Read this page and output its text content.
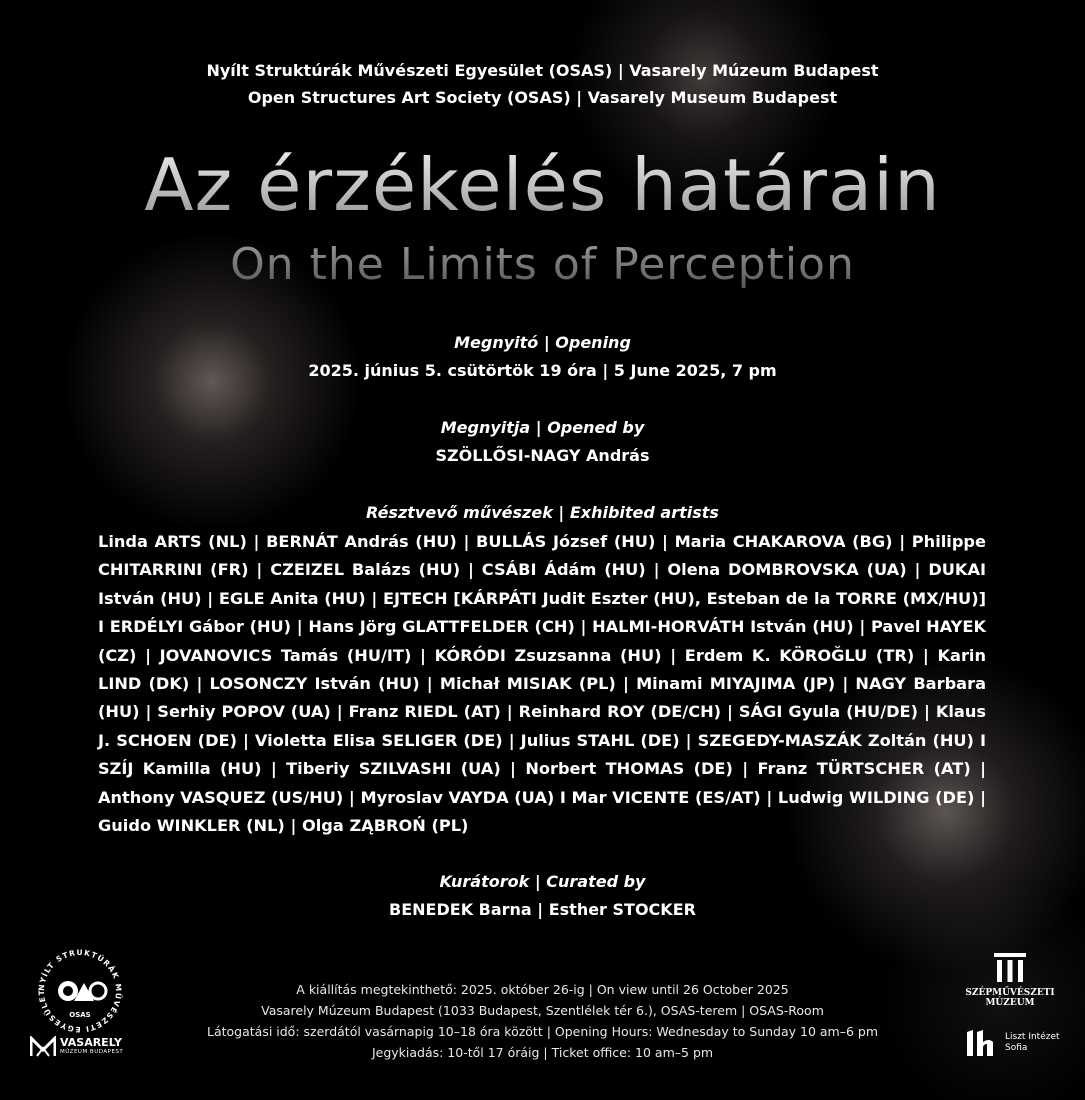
Nyílt Struktúrák Művészeti Egyesület (OSAS) | Vasarely Múzeum Budapest
Open Structures Art Society (OSAS) | Vasarely Museum Budapest
Az érzékelés határain
On the Limits of Perception
Megnyitó | Opening
2025. június 5. csütörtök 19 óra | 5 June 2025, 7 pm
Megnyitja | Opened by
SZÖLLŐSI-NAGY András
Résztvevő művészek | Exhibited artists
Linda ARTS (NL) | BERNÁT András (HU) | BULLÁS József (HU) | Maria CHAKAROVA (BG) | Philippe CHITARRINI (FR) | CZEIZEL Balázs (HU) | CSÁBI Ádám (HU) | Olena DOMBROVSKA (UA) | DUKAI István (HU) | EGLE Anita (HU) | EJTECH [KÁRPÁTI Judit Eszter (HU), Esteban de la TORRE (MX/HU)] I ERDÉLYI Gábor (HU) | Hans Jörg GLATTFELDER (CH) | HALMI-HORVÁTH István (HU) | Pavel HAYEK (CZ) | JOVANOVICS Tamás (HU/IT) | KÓRÓDI Zsuzsanna (HU) | Erdem K. KÖROĞLU (TR) | Karin LIND (DK) | LOSONCZY István (HU) | Michał MISIAK (PL) | Minami MIYAJIMA (JP) | NAGY Barbara (HU) | Serhiy POPOV (UA) | Franz RIEDL (AT) | Reinhard ROY (DE/CH) | SÁGI Gyula (HU/DE) | Klaus J. SCHOEN (DE) | Violetta Elisa SELIGER (DE) | Julius STAHL (DE) | SZEGEDY-MASZÁK Zoltán (HU) I SZÍJ Kamilla (HU) | Tiberiy SZILVASHI (UA) | Norbert THOMAS (DE) | Franz TÜRTSCHER (AT) | Anthony VASQUEZ (US/HU) | Myroslav VAYDA (UA) I Mar VICENTE (ES/AT) | Ludwig WILDING (DE) | Guido WINKLER (NL) | Olga ZĄBROŃ (PL)
Kurátorok | Curated by
BENEDEK Barna | Esther STOCKER
A kiállítás megtekinthető: 2025. október 26-ig | On view until 26 October 2025
Vasarely Múzeum Budapest (1033 Budapest, Szentlélek tér 6.), OSAS-terem | OSAS-Room
Látogatási idő: szerdától vasárnapig 10–18 óra között | Opening Hours: Wednesday to Sunday 10 am–6 pm
Jegykiadás: 10-től 17 óráig | Ticket office: 10 am–5 pm
NYÍLT STRUKTÚRÁK MŰVÉSZETI EGYESÜLET
OSAS
VASARELY
MÚZEUM BUDAPEST
SZÉPMŰVÉSZETI
MÚZEUM
Liszt Intézet
Sofia
